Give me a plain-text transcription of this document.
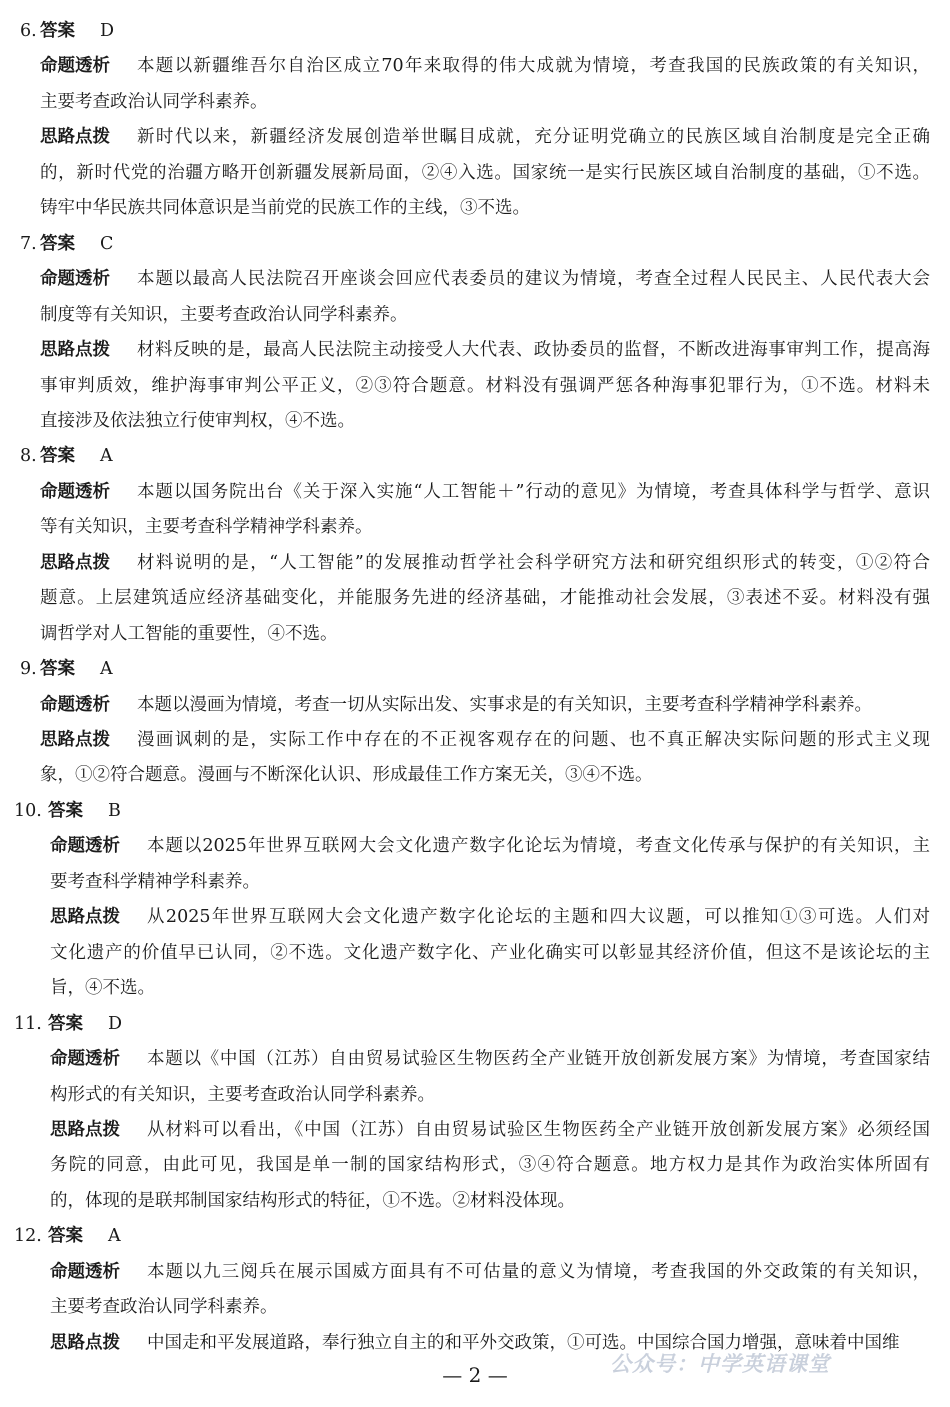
6. 答案 D
命题透析 本题以新疆维吾尔自治区成立70年来取得的伟大成就为情境，考查我国的民族政策的有关知识，
主要考查政治认同学科素养。
思路点拨 新时代以来，新疆经济发展创造举世瞩目成就，充分证明党确立的民族区域自治制度是完全正确
的，新时代党的治疆方略开创新疆发展新局面，②④入选。国家统一是实行民族区域自治制度的基础，①不选。
铸牢中华民族共同体意识是当前党的民族工作的主线，③不选。
7. 答案 C
命题透析 本题以最高人民法院召开座谈会回应代表委员的建议为情境，考查全过程人民民主、人民代表大会
制度等有关知识，主要考查政治认同学科素养。
思路点拨 材料反映的是，最高人民法院主动接受人大代表、政协委员的监督，不断改进海事审判工作，提高海
事审判质效，维护海事审判公平正义，②③符合题意。材料没有强调严惩各种海事犯罪行为，①不选。材料未
直接涉及依法独立行使审判权，④不选。
8. 答案 A
命题透析 本题以国务院出台《关于深入实施“人工智能＋”行动的意见》为情境，考查具体科学与哲学、意识
等有关知识，主要考查科学精神学科素养。
思路点拨 材料说明的是，“人工智能”的发展推动哲学社会科学研究方法和研究组织形式的转变，①②符合
题意。上层建筑适应经济基础变化，并能服务先进的经济基础，才能推动社会发展，③表述不妥。材料没有强
调哲学对人工智能的重要性，④不选。
9. 答案 A
命题透析 本题以漫画为情境，考查一切从实际出发、实事求是的有关知识，主要考查科学精神学科素养。
思路点拨 漫画讽刺的是，实际工作中存在的不正视客观存在的问题、也不真正解决实际问题的形式主义现
象，①②符合题意。漫画与不断深化认识、形成最佳工作方案无关，③④不选。
10. 答案 B
命题透析 本题以2025年世界互联网大会文化遗产数字化论坛为情境，考查文化传承与保护的有关知识，主
要考查科学精神学科素养。
思路点拨 从2025年世界互联网大会文化遗产数字化论坛的主题和四大议题，可以推知①③可选。人们对
文化遗产的价值早已认同，②不选。文化遗产数字化、产业化确实可以彰显其经济价值，但这不是该论坛的主
旨，④不选。
11. 答案 D
命题透析 本题以《中国（江苏）自由贸易试验区生物医药全产业链开放创新发展方案》为情境，考查国家结
构形式的有关知识，主要考查政治认同学科素养。
思路点拨 从材料可以看出，《中国（江苏）自由贸易试验区生物医药全产业链开放创新发展方案》必须经国
务院的同意，由此可见，我国是单一制的国家结构形式，③④符合题意。地方权力是其作为政治实体所固有
的，体现的是联邦制国家结构形式的特征，①不选。②材料没体现。
12. 答案 A
命题透析 本题以九三阅兵在展示国威方面具有不可估量的意义为情境，考查我国的外交政策的有关知识，
主要考查政治认同学科素养。
思路点拨 中国走和平发展道路，奉行独立自主的和平外交政策，①可选。中国综合国力增强，意味着中国维
— 2 —	公众号：中学英语课堂
